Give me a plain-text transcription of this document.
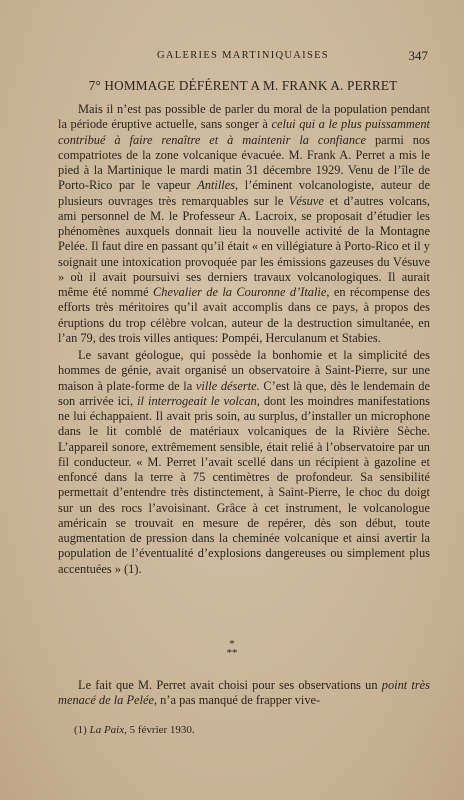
GALERIES MARTINIQUAISES	347
7° HOMMAGE DÉFÉRENT A M. FRANK A. PERRET

Mais il n’est pas possible de parler du moral de la population pendant la période éruptive actuelle, sans songer à celui qui a le plus puissamment contribué à faire renaître et à maintenir la confiance parmi nos compatriotes de la zone volcanique évacuée. M. Frank A. Perret a mis le pied à la Martinique le mardi matin 31 décembre 1929. Venu de l’île de Porto-Rico par le vapeur Antilles, l’éminent volcanologiste, auteur de plusieurs ouvrages très remarquables sur le Vésuve et d’autres volcans, ami personnel de M. le Professeur A. Lacroix, se proposait d’étudier les phénomènes auxquels donnait lieu la nouvelle activité de la Montagne Pelée. Il faut dire en passant qu’il était « en villégiature à Porto-Rico et il y soignait une intoxication provoquée par les émissions gazeuses du Vésuve » où il avait poursuivi ses derniers travaux volcanologiques. Il aurait même été nommé Chevalier de la Couronne d’Italie, en récompense des efforts très méritoires qu’il avait accomplis dans ce pays, à propos des éruptions du trop célèbre volcan, auteur de la destruction simultanée, en l’an 79, des trois villes antiques: Pompéi, Herculanum et Stabies.

Le savant géologue, qui possède la bonhomie et la simplicité des hommes de génie, avait organisé un observatoire à Saint-Pierre, sur une maison à plate-forme de la ville déserte. C’est là que, dès le lendemain de son arrivée ici, il interrogeait le volcan, dont les moindres manifestations ne lui échappaient. Il avait pris soin, au surplus, d’installer un microphone dans le lit comblé de matériaux volcaniques de la Rivière Sèche. L’appareil sonore, extrêmement sensible, était relié à l’observatoire par un fil conducteur. « M. Perret l’avait scellé dans un récipient à gazoline et enfoncé dans la terre à 75 centimètres de profondeur. Sa sensibilité permettait d’entendre très distinctement, à Saint-Pierre, le choc du doigt sur un des rocs l’avoisinant. Grâce à cet instrument, le volcanologue américain se trouvait en mesure de repérer, dès son début, toute augmentation de pression dans la cheminée volcanique et ainsi avertir la population de l’éventualité d’explosions dangereuses ou simplement plus accentuées » (1).

*
**

Le fait que M. Perret avait choisi pour ses observations un point très menacé de la Pelée, n’a pas manqué de frapper vive-

(1) La Paix, 5 février 1930.
